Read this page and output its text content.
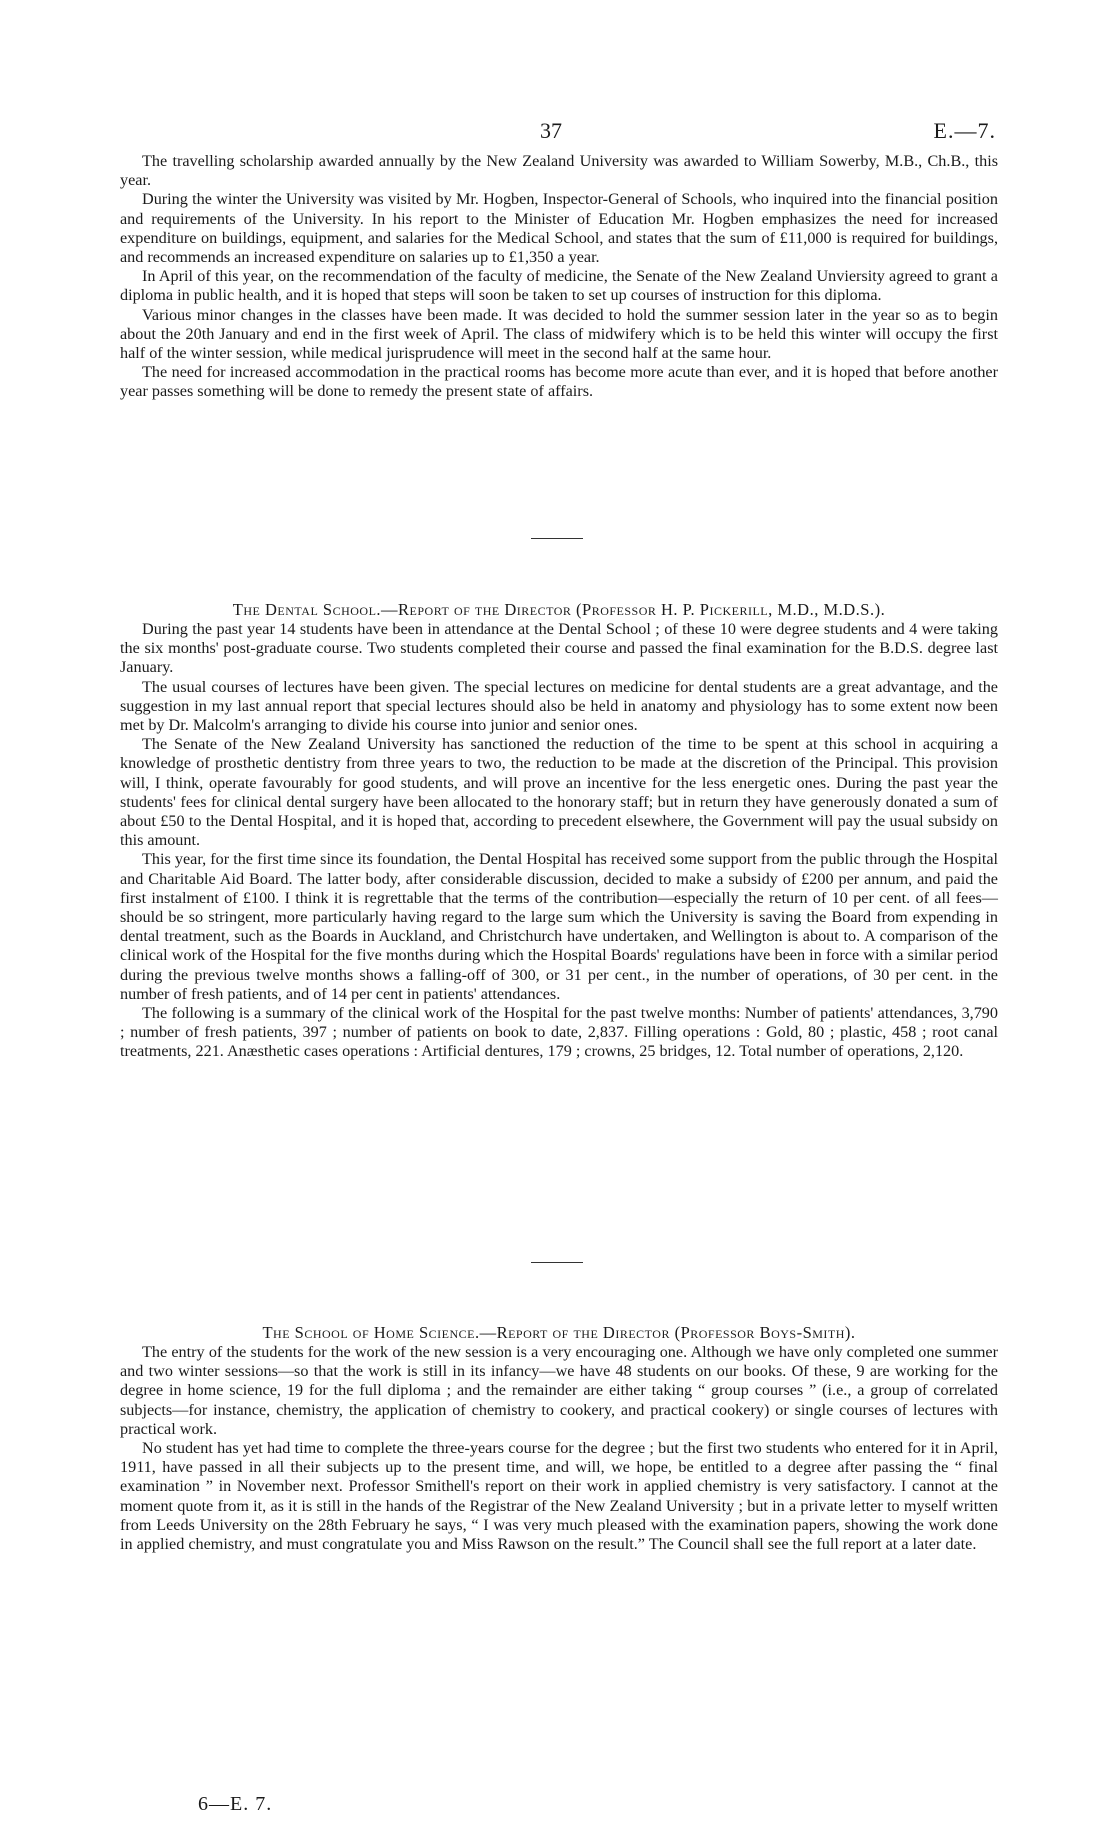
37	E.—7.

The travelling scholarship awarded annually by the New Zealand University was awarded to William Sowerby, M.B., Ch.B., this year.

During the winter the University was visited by Mr. Hogben, Inspector-General of Schools, who inquired into the financial position and requirements of the University. In his report to the Minister of Education Mr. Hogben emphasizes the need for increased expenditure on buildings, equipment, and salaries for the Medical School, and states that the sum of £11,000 is required for buildings, and recommends an increased expenditure on salaries up to £1,350 a year.

In April of this year, on the recommendation of the faculty of medicine, the Senate of the New Zealand Unviersity agreed to grant a diploma in public health, and it is hoped that steps will soon be taken to set up courses of instruction for this diploma.

Various minor changes in the classes have been made. It was decided to hold the summer session later in the year so as to begin about the 20th January and end in the first week of April. The class of midwifery which is to be held this winter will occupy the first half of the winter session, while medical jurisprudence will meet in the second half at the same hour.

The need for increased accommodation in the practical rooms has become more acute than ever, and it is hoped that before another year passes something will be done to remedy the present state of affairs.

The Dental School.—Report of the Director (Professor H. P. Pickerill, M.D., M.D.S.).

During the past year 14 students have been in attendance at the Dental School ; of these 10 were degree students and 4 were taking the six months' post-graduate course. Two students completed their course and passed the final examination for the B.D.S. degree last January.

The usual courses of lectures have been given. The special lectures on medicine for dental students are a great advantage, and the suggestion in my last annual report that special lectures should also be held in anatomy and physiology has to some extent now been met by Dr. Malcolm's arranging to divide his course into junior and senior ones.

The Senate of the New Zealand University has sanctioned the reduction of the time to be spent at this school in acquiring a knowledge of prosthetic dentistry from three years to two, the reduction to be made at the discretion of the Principal. This provision will, I think, operate favourably for good students, and will prove an incentive for the less energetic ones. During the past year the students' fees for clinical dental surgery have been allocated to the honorary staff; but in return they have generously donated a sum of about £50 to the Dental Hospital, and it is hoped that, according to precedent elsewhere, the Government will pay the usual subsidy on this amount.

This year, for the first time since its foundation, the Dental Hospital has received some support from the public through the Hospital and Charitable Aid Board. The latter body, after considerable discussion, decided to make a subsidy of £200 per annum, and paid the first instalment of £100. I think it is regrettable that the terms of the contribution—especially the return of 10 per cent. of all fees—should be so stringent, more particularly having regard to the large sum which the University is saving the Board from expending in dental treatment, such as the Boards in Auckland, and Christchurch have undertaken, and Wellington is about to. A comparison of the clinical work of the Hospital for the five months during which the Hospital Boards' regulations have been in force with a similar period during the previous twelve months shows a falling-off of 300, or 31 per cent., in the number of operations, of 30 per cent. in the number of fresh patients, and of 14 per cent in patients' attendances.

The following is a summary of the clinical work of the Hospital for the past twelve months: Number of patients' attendances, 3,790 ; number of fresh patients, 397 ; number of patients on book to date, 2,837. Filling operations : Gold, 80 ; plastic, 458 ; root canal treatments, 221. Anæsthetic cases operations : Artificial dentures, 179 ; crowns, 25 bridges, 12. Total number of operations, 2,120.

The School of Home Science.—Report of the Director (Professor Boys-Smith).

The entry of the students for the work of the new session is a very encouraging one. Although we have only completed one summer and two winter sessions—so that the work is still in its infancy—we have 48 students on our books. Of these, 9 are working for the degree in home science, 19 for the full diploma ; and the remainder are either taking “ group courses ” (i.e., a group of correlated subjects—for instance, chemistry, the application of chemistry to cookery, and practical cookery) or single courses of lectures with practical work.

No student has yet had time to complete the three-years course for the degree ; but the first two students who entered for it in April, 1911, have passed in all their subjects up to the present time, and will, we hope, be entitled to a degree after passing the “ final examination ” in November next. Professor Smithell's report on their work in applied chemistry is very satisfactory. I cannot at the moment quote from it, as it is still in the hands of the Registrar of the New Zealand University ; but in a private letter to myself written from Leeds University on the 28th February he says, “ I was very much pleased with the examination papers, showing the work done in applied chemistry, and must congratulate you and Miss Rawson on the result.” The Council shall see the full report at a later date.

6—E. 7.
